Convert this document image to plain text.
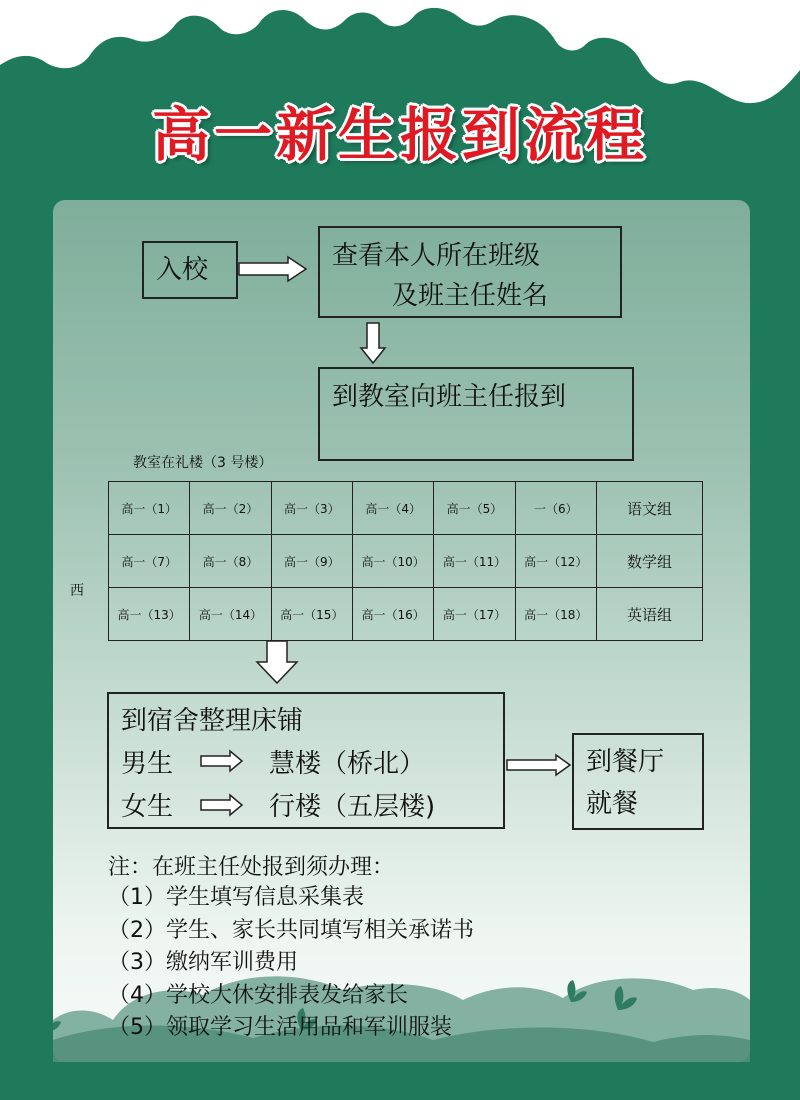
高一新生报到流程
入校	查看本人所在班级
及班主任姓名
到教室向班主任报到
教室在礼楼（3 号楼）
西
高一（1）	高一（2）	高一（3）	高一（4）	高一（5）	一（6）	语文组
高一（7）	高一（8）	高一（9）	高一（10）	高一（11）	高一（12）	数学组
高一（13）	高一（14）	高一（15）	高一（16）	高一（17）	高一（18）	英语组
到宿舍整理床铺
男生	慧楼（桥北）
女生	行楼（五层楼)
到餐厅
就餐
注：在班主任处报到须办理：
（1）学生填写信息采集表
（2）学生、家长共同填写相关承诺书
（3）缴纳军训费用
（4）学校大休安排表发给家长
（5）领取学习生活用品和军训服装
